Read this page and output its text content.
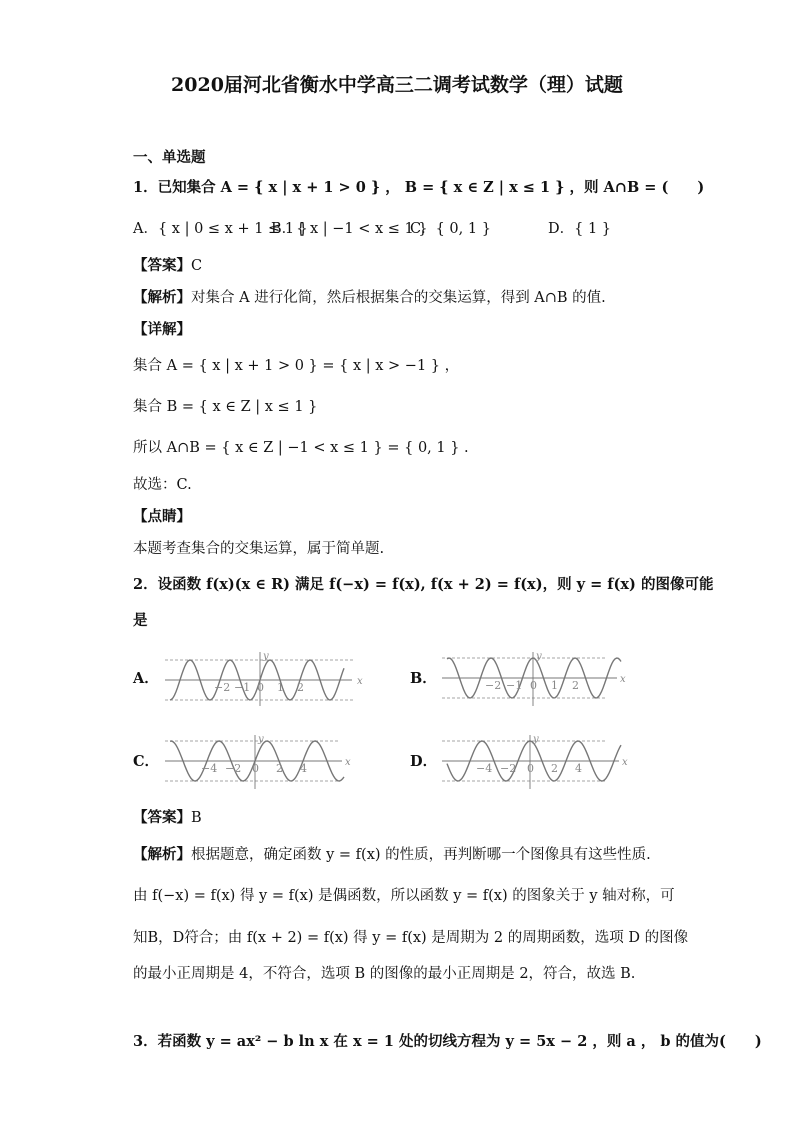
2020届河北省衡水中学高三二调考试数学（理）试题
一、单选题
1．已知集合 A = { x | x + 1 > 0 } ， B = { x ∈ Z | x ≤ 1 } ，则 A∩B = (　　)
A．{ x | 0 ≤ x + 1 ≤ 1 }
B．{ x | −1 < x ≤ 1 }
C．{ 0, 1 }	D．{ 1 }
【答案】C
【解析】对集合 A 进行化简，然后根据集合的交集运算，得到 A∩B 的值.
【详解】
集合 A = { x | x + 1 > 0 } = { x | x > −1 } ，
集合 B = { x ∈ Z | x ≤ 1 }
所以 A∩B = { x ∈ Z | −1 < x ≤ 1 } = { 0, 1 } .
故选：C.
【点睛】
本题考查集合的交集运算，属于简单题.
2．设函数 f(x)(x ∈ R) 满足 f(−x) = f(x), f(x + 2) = f(x)，则 y = f(x) 的图像可能
是
A．	B．
C．	D．
x
y
−2 −1 0 1 2
x
y
−2 −1 0 1 2
x
y
−4 −2 0 2 4	x
y
−4 −2 0 2 4
【答案】B
【解析】根据题意，确定函数 y = f(x) 的性质，再判断哪一个图像具有这些性质.
由 f(−x) = f(x) 得 y = f(x) 是偶函数，所以函数 y = f(x) 的图象关于 y 轴对称，可
知B，D符合；由 f(x + 2) = f(x) 得 y = f(x) 是周期为 2 的周期函数，选项 D 的图像
的最小正周期是 4，不符合，选项 B 的图像的最小正周期是 2，符合，故选 B.
3．若函数 y = ax² − b ln x 在 x = 1 处的切线方程为 y = 5x − 2 ，则 a ， b 的值为(　　)
